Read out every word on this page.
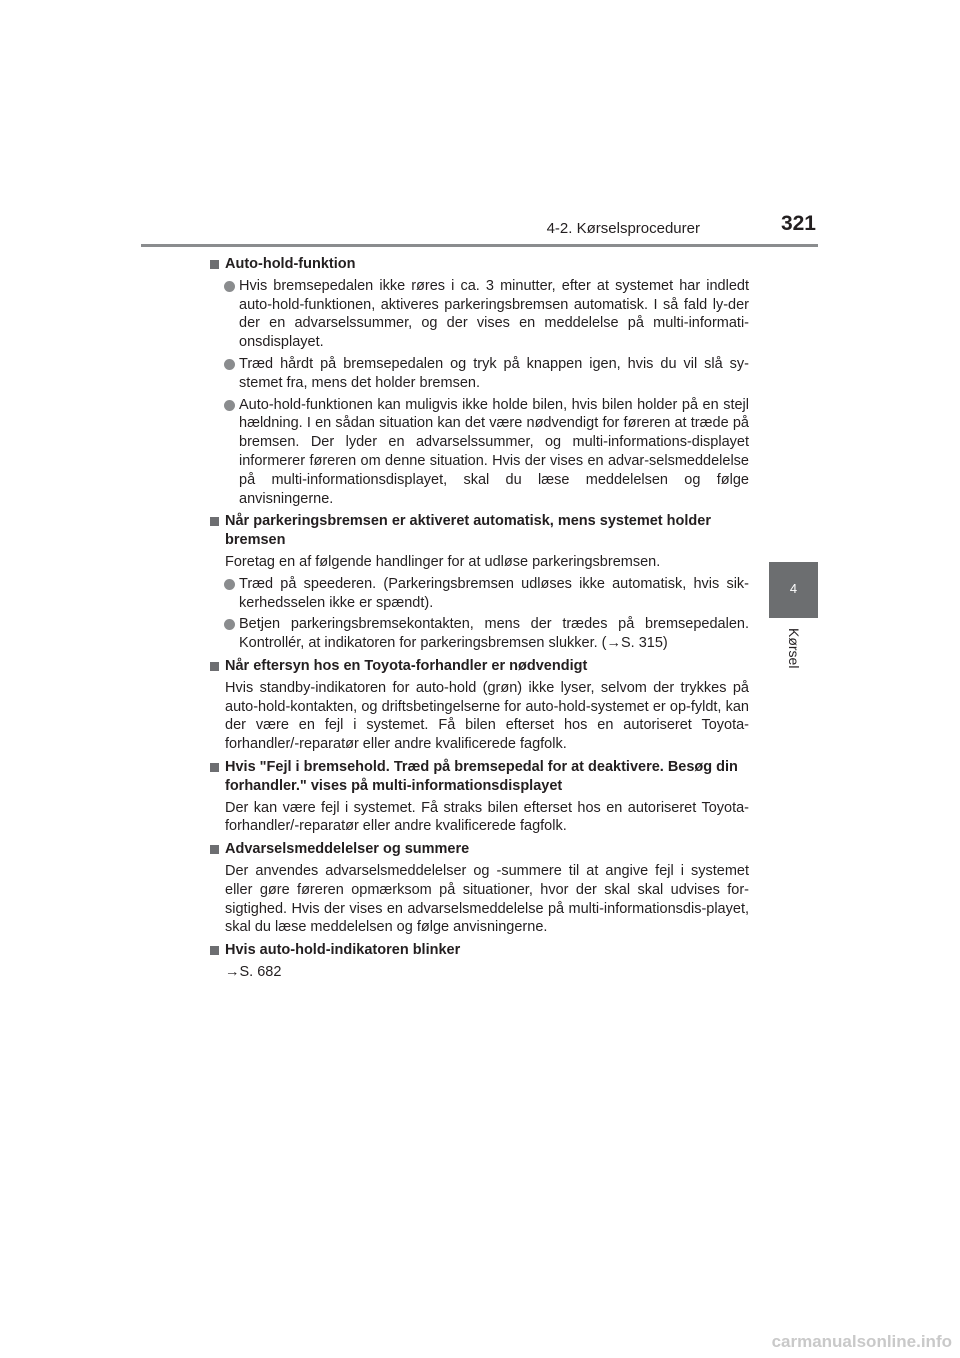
4-2. Kørselsprocedurer	321
4
Kørsel
Auto-hold-funktion
Hvis bremsepedalen ikke røres i ca. 3 minutter, efter at systemet har indledt auto-hold-funktionen, aktiveres parkeringsbremsen automatisk. I så fald ly-der der en advarselssummer, og der vises en meddelelse på multi-informati-onsdisplayet.
Træd hårdt på bremsepedalen og tryk på knappen igen, hvis du vil slå sy-stemet fra, mens det holder bremsen.
Auto-hold-funktionen kan muligvis ikke holde bilen, hvis bilen holder på en stejl hældning. I en sådan situation kan det være nødvendigt for føreren at træde på bremsen. Der lyder en advarselssummer, og multi-informations-displayet informerer føreren om denne situation. Hvis der vises en advar-selsmeddelelse på multi-informationsdisplayet, skal du læse meddelelsen og følge anvisningerne.
Når parkeringsbremsen er aktiveret automatisk, mens systemet holder bremsen
Foretag en af følgende handlinger for at udløse parkeringsbremsen.
Træd på speederen. (Parkeringsbremsen udløses ikke automatisk, hvis sik-kerhedsselen ikke er spændt).
Betjen parkeringsbremsekontakten, mens der trædes på bremsepedalen. Kontrollér, at indikatoren for parkeringsbremsen slukker. (→S. 315)
Når eftersyn hos en Toyota-forhandler er nødvendigt
Hvis standby-indikatoren for auto-hold (grøn) ikke lyser, selvom der trykkes på auto-hold-kontakten, og driftsbetingelserne for auto-hold-systemet er op-fyldt, kan der være en fejl i systemet. Få bilen efterset hos en autoriseret Toyota-forhandler/-reparatør eller andre kvalificerede fagfolk.
Hvis "Fejl i bremsehold. Træd på bremsepedal for at deaktivere. Besøg din forhandler." vises på multi-informationsdisplayet
Der kan være fejl i systemet. Få straks bilen efterset hos en autoriseret Toyota-forhandler/-reparatør eller andre kvalificerede fagfolk.
Advarselsmeddelelser og summere
Der anvendes advarselsmeddelelser og -summere til at angive fejl i systemet eller gøre føreren opmærksom på situationer, hvor der skal skal udvises for-sigtighed. Hvis der vises en advarselsmeddelelse på multi-informationsdis-playet, skal du læse meddelelsen og følge anvisningerne.
Hvis auto-hold-indikatoren blinker
→S. 682
carmanualsonline.info
